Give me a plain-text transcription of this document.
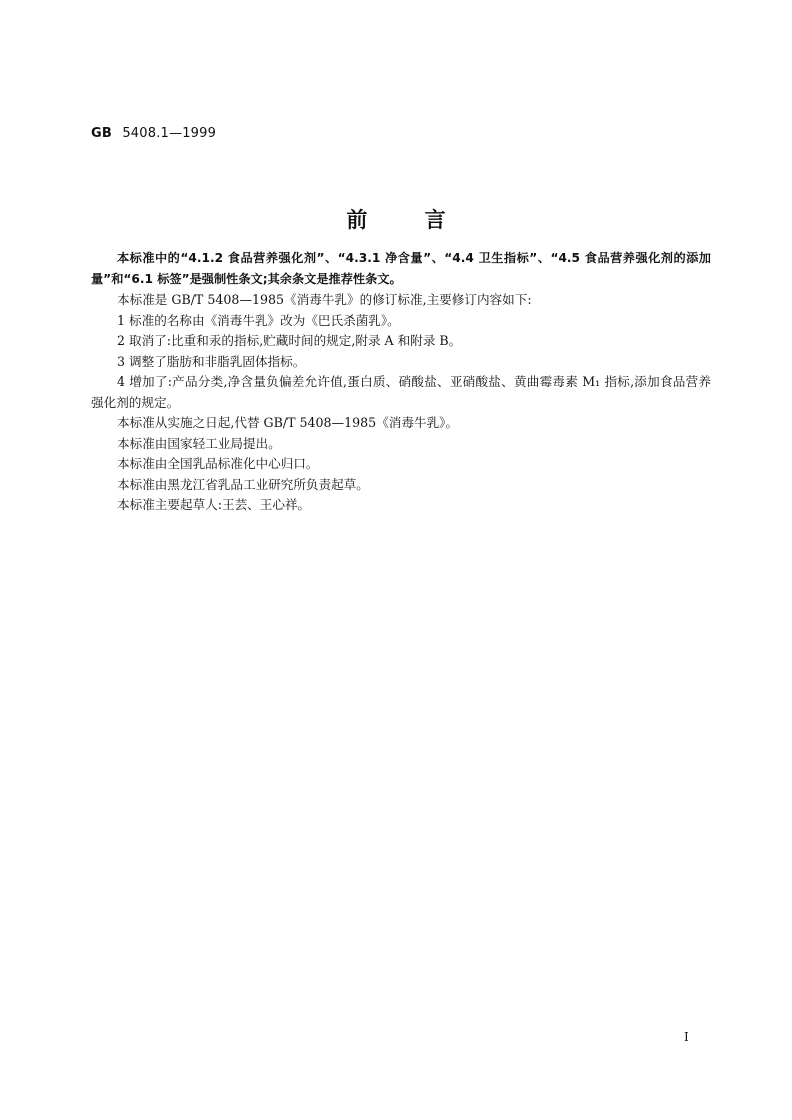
GB 5408.1—1999
前	言

本标准中的“4.1.2 食品营养强化剂”、“4.3.1 净含量”、“4.4 卫生指标”、“4.5 食品营养强化剂的添加量”和“6.1 标签”是强制性条文;其余条文是推荐性条文。

本标准是 GB/T 5408—1985《消毒牛乳》的修订标准,主要修订内容如下:

1 标准的名称由《消毒牛乳》改为《巴氏杀菌乳》。

2 取消了:比重和汞的指标,贮藏时间的规定,附录 A 和附录 B。

3 调整了脂肪和非脂乳固体指标。

4 增加了:产品分类,净含量负偏差允许值,蛋白质、硝酸盐、亚硝酸盐、黄曲霉毒素 M₁ 指标,添加食品营养强化剂的规定。

本标准从实施之日起,代替 GB/T 5408—1985《消毒牛乳》。

本标准由国家轻工业局提出。

本标准由全国乳品标准化中心归口。

本标准由黑龙江省乳品工业研究所负责起草。

本标准主要起草人:王芸、王心祥。

I
